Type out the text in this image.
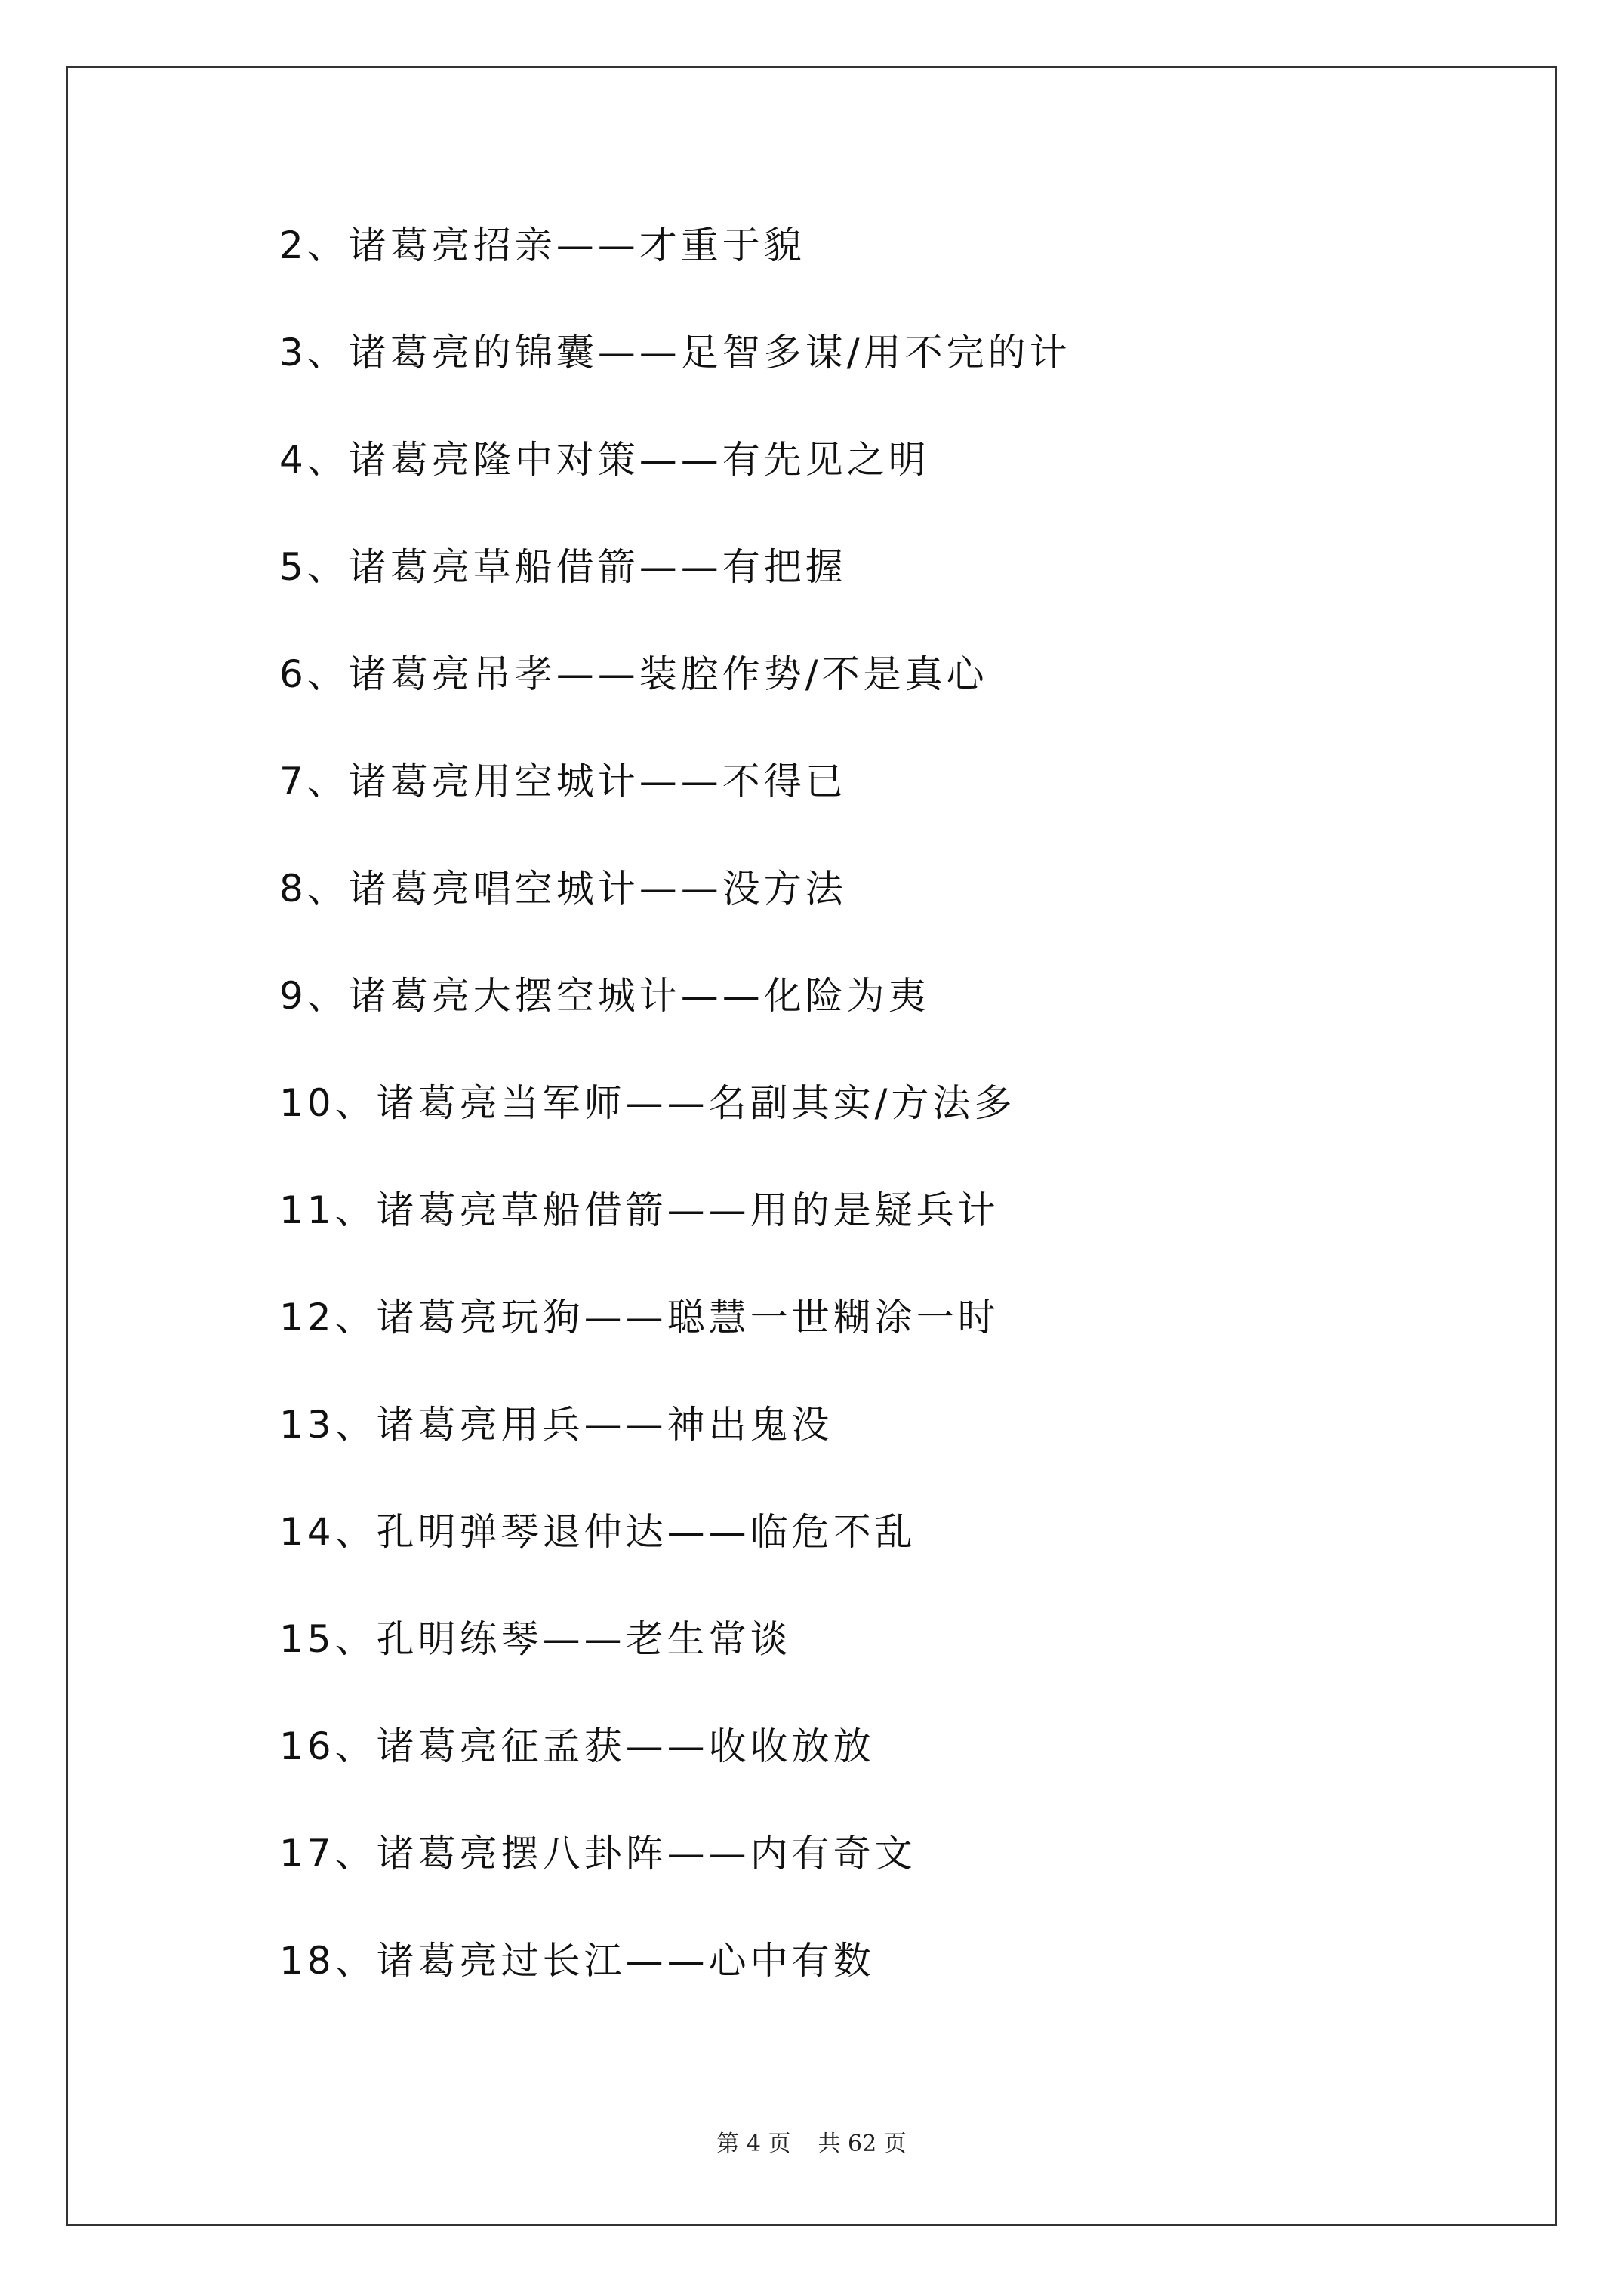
2、诸葛亮招亲——才重于貌
3、诸葛亮的锦囊——足智多谋/用不完的计
4、诸葛亮隆中对策——有先见之明
5、诸葛亮草船借箭——有把握
6、诸葛亮吊孝——装腔作势/不是真心
7、诸葛亮用空城计——不得已
8、诸葛亮唱空城计——没方法
9、诸葛亮大摆空城计——化险为夷
10、诸葛亮当军师——名副其实/方法多
11、诸葛亮草船借箭——用的是疑兵计
12、诸葛亮玩狗——聪慧一世糊涂一时
13、诸葛亮用兵——神出鬼没
14、孔明弹琴退仲达——临危不乱
15、孔明练琴——老生常谈
16、诸葛亮征孟获——收收放放
17、诸葛亮摆八卦阵——内有奇文
18、诸葛亮过长江——心中有数
第 4 页 共 62 页
